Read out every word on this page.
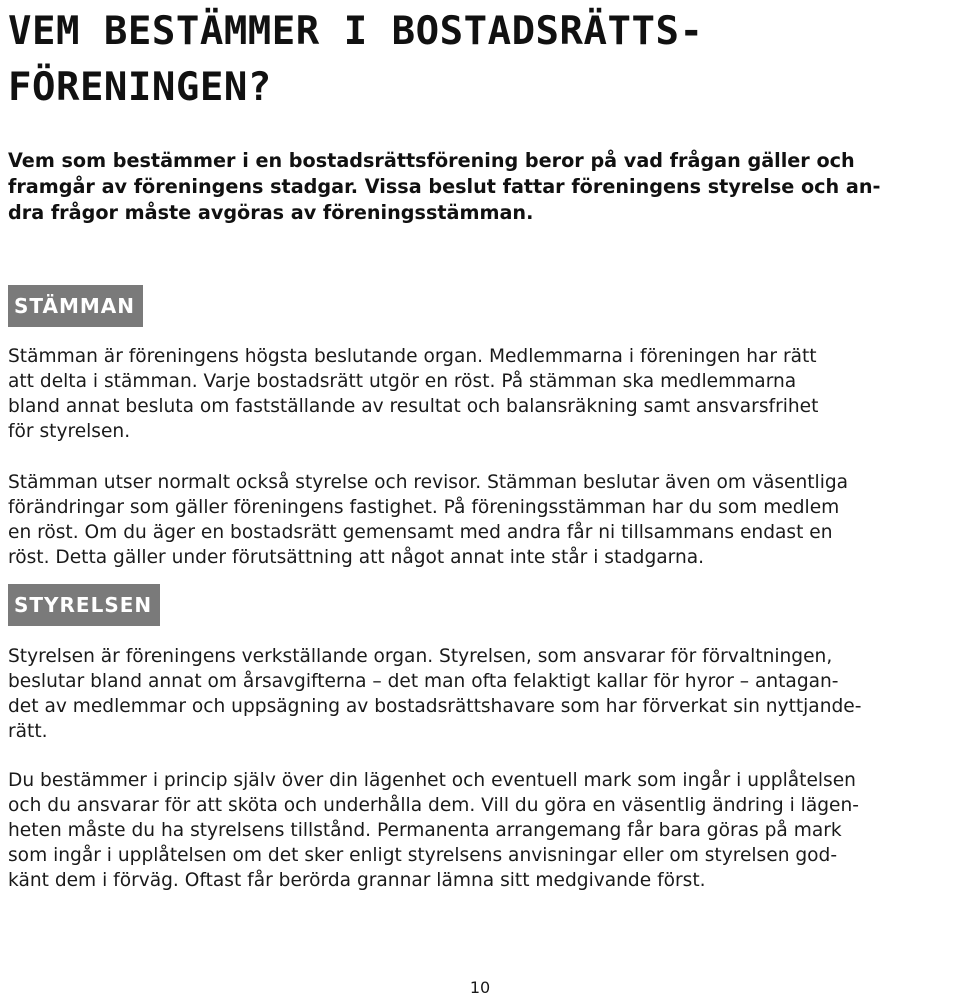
VEM BESTÄMMER I BOSTADSRÄTTS-
FÖRENINGEN?

Vem som bestämmer i en bostadsrättsförening beror på vad frågan gäller och
framgår av föreningens stadgar. Vissa beslut fattar föreningens styrelse och an-
dra frågor måste avgöras av föreningsstämman.

STÄMMAN

Stämman är föreningens högsta beslutande organ. Medlemmarna i föreningen har rätt
att delta i stämman. Varje bostadsrätt utgör en röst. På stämman ska medlemmarna
bland annat besluta om fastställande av resultat och balansräkning samt ansvarsfrihet
för styrelsen.

Stämman utser normalt också styrelse och revisor. Stämman beslutar även om väsentliga
förändringar som gäller föreningens fastighet. På föreningsstämman har du som medlem
en röst. Om du äger en bostadsrätt gemensamt med andra får ni tillsammans endast en
röst. Detta gäller under förutsättning att något annat inte står i stadgarna.

STYRELSEN

Styrelsen är föreningens verkställande organ. Styrelsen, som ansvarar för förvaltningen,
beslutar bland annat om årsavgifterna – det man ofta felaktigt kallar för hyror – antagan-
det av medlemmar och uppsägning av bostadsrättshavare som har förverkat sin nyttjande-
rätt.

Du bestämmer i princip själv över din lägenhet och eventuell mark som ingår i upplåtelsen
och du ansvarar för att sköta och underhålla dem. Vill du göra en väsentlig ändring i lägen-
heten måste du ha styrelsens tillstånd. Permanenta arrangemang får bara göras på mark
som ingår i upplåtelsen om det sker enligt styrelsens anvisningar eller om styrelsen god-
känt dem i förväg. Oftast får berörda grannar lämna sitt medgivande först.

10
